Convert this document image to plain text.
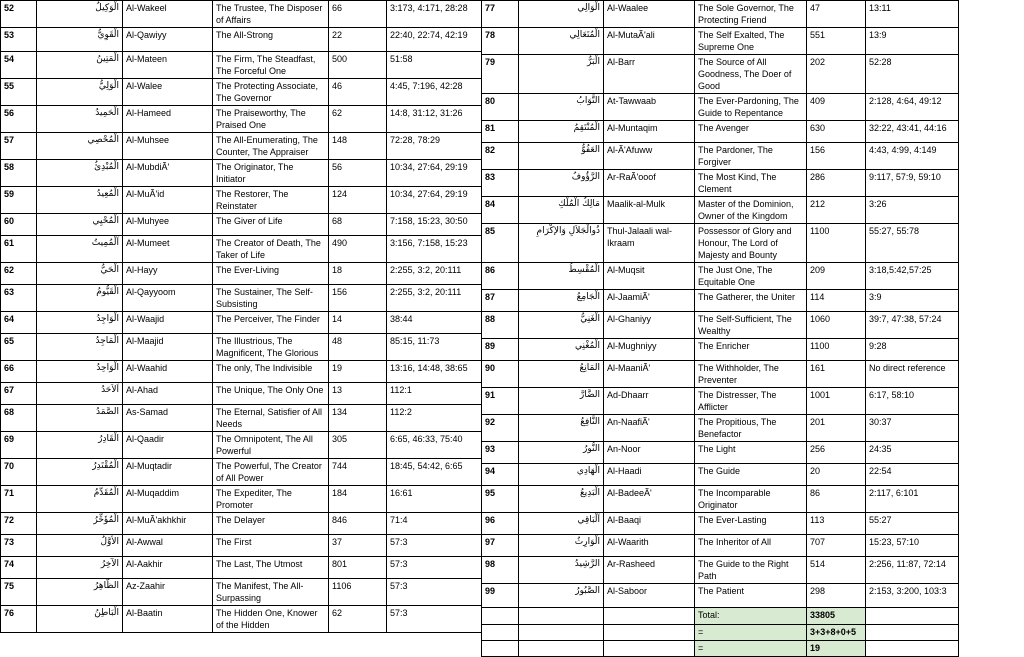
52	الْوَكِيلُ	Al-Wakeel	The Trustee, The Disposer of Affairs	66	3:173, 4:171, 28:28
53	الْقَوِيُّ	Al-Qawiyy	The All-Strong	22	22:40, 22:74, 42:19
54	الْمَتِينُ	Al-Mateen	The Firm, The Steadfast, The Forceful One	500	51:58
55	الْوَلِيُّ	Al-Walee	The Protecting Associate, The Governor	46	4:45, 7:196, 42:28
56	الْحَمِيدُ	Al-Hameed	The Praiseworthy, The Praised One	62	14:8, 31:12, 31:26
57	الْمُحْصِي	Al-Muhsee	The All-Enumerating, The Counter, The Appraiser	148	72:28, 78:29
58	الْمُبْدِئُ	Al-MubdiÃ'	The Originator, The Initiator	56	10:34, 27:64, 29:19
59	الْمُعِيدُ	Al-MuÃ'id	The Restorer, The Reinstater	124	10:34, 27:64, 29:19
60	الْمُحْيِي	Al-Muhyee	The Giver of Life	68	7:158, 15:23, 30:50
61	اَلْمُمِيتُ	Al-Mumeet	The Creator of Death, The Taker of Life	490	3:156, 7:158, 15:23
62	الْحَيُّ	Al-Hayy	The Ever-Living	18	2:255, 3:2, 20:111
63	الْقَيُّومُ	Al-Qayyoom	The Sustainer, The Self-Subsisting	156	2:255, 3:2, 20:111
64	الْوَاجِدُ	Al-Waajid	The Perceiver, The Finder	14	38:44
65	الْمَاجِدُ	Al-Maajid	The Illustrious, The Magnificent, The Glorious	48	85:15, 11:73
66	الْوَاحِدُ	Al-Waahid	The only, The Indivisible	19	13:16, 14:48, 38:65
67	اَلاَحَدُ	Al-Ahad	The Unique, The Only One	13	112:1
68	الصَّمَدُ	As-Samad	The Eternal, Satisfier of All Needs	134	112:2
69	الْقَادِرُ	Al-Qaadir	The Omnipotent, The All Powerful	305	6:65, 46:33, 75:40
70	الْمُقْتَدِرُ	Al-Muqtadir	The Powerful, The Creator of All Power	744	18:45, 54:42, 6:65
71	الْمُقَدِّمُ	Al-Muqaddim	The Expediter, The Promoter	184	16:61
72	الْمُؤَخِّرُ	Al-MuÃ'akhkhir	The Delayer	846	71:4
73	الأوَّلُ	Al-Awwal	The First	37	57:3
74	الآخِرُ	Al-Aakhir	The Last, The Utmost	801	57:3
75	الظَّاهِرُ	Az-Zaahir	The Manifest, The All-Surpassing	1106	57:3
76	الْبَاطِنُ	Al-Baatin	The Hidden One, Knower of the Hidden	62	57:3
77	الْوَالِي	Al-Waalee	The Sole Governor, The Protecting Friend	47	13:11
78	الْمُتَعَالِي	Al-MutaÃ'ali	The Self Exalted, The Supreme One	551	13:9
79	الْبَرُّ	Al-Barr	The Source of All Goodness, The Doer of Good	202	52:28
80	التَّوَابُ	At-Tawwaab	The Ever-Pardoning, The Guide to Repentance	409	2:128, 4:64, 49:12
81	الْمُنْتَقِمُ	Al-Muntaqim	The Avenger	630	32:22, 43:41, 44:16
82	العَفُوُّ	Al-Ã'Afuww	The Pardoner, The Forgiver	156	4:43, 4:99, 4:149
83	الرَّؤُوفُ	Ar-RaÃ'ooof	The Most Kind, The Clement	286	9:117, 57:9, 59:10
84	مَالِكُ الْمُلْكِ	Maalik-al-Mulk	Master of the Dominion, Owner of the Kingdom	212	3:26
85	ذُوالْجَلاَلِ وَالإكْرَامِ	Thul-Jalaali wal-Ikraam	Possessor of Glory and Honour, The Lord of Majesty and Bounty	1100	55:27, 55:78
86	الْمُقْسِطُ	Al-Muqsit	The Just One, The Equitable One	209	3:18,5:42,57:25
87	الْجَامِعُ	Al-JaamiÃ'	The Gatherer, the Uniter	114	3:9
88	الْغَنِيُّ	Al-Ghaniyy	The Self-Sufficient, The Wealthy	1060	39:7, 47:38, 57:24
89	الْمُغْنِي	Al-Mughniyy	The Enricher	1100	9:28
90	المَانِعُ	Al-MaaniÃ'	The Withholder, The Preventer	161	No direct reference
91	الضَّارَّ	Ad-Dhaarr	The Distresser, The Afflicter	1001	6:17, 58:10
92	النَّافِعُ	An-NaafiÃ'	The Propitious, The Benefactor	201	30:37
93	النُّورُ	An-Noor	The Light	256	24:35
94	الْهَادِي	Al-Haadi	The Guide	20	22:54
95	الْبَدِيعُ	Al-BadeeÃ'	The Incomparable Originator	86	2:117, 6:101
96	اَلْبَاقِي	Al-Baaqi	The Ever-Lasting	113	55:27
97	الْوَارِثُ	Al-Waarith	The Inheritor of All	707	15:23, 57:10
98	الرَّشِيدُ	Ar-Rasheed	The Guide to the Right Path	514	2:256, 11:87, 72:14
99	الصَّبُورُ	Al-Saboor	The Patient	298	2:153, 3:200, 103:3
			Total:	33805	
			=	3+3+8+0+5	
			=	19	
